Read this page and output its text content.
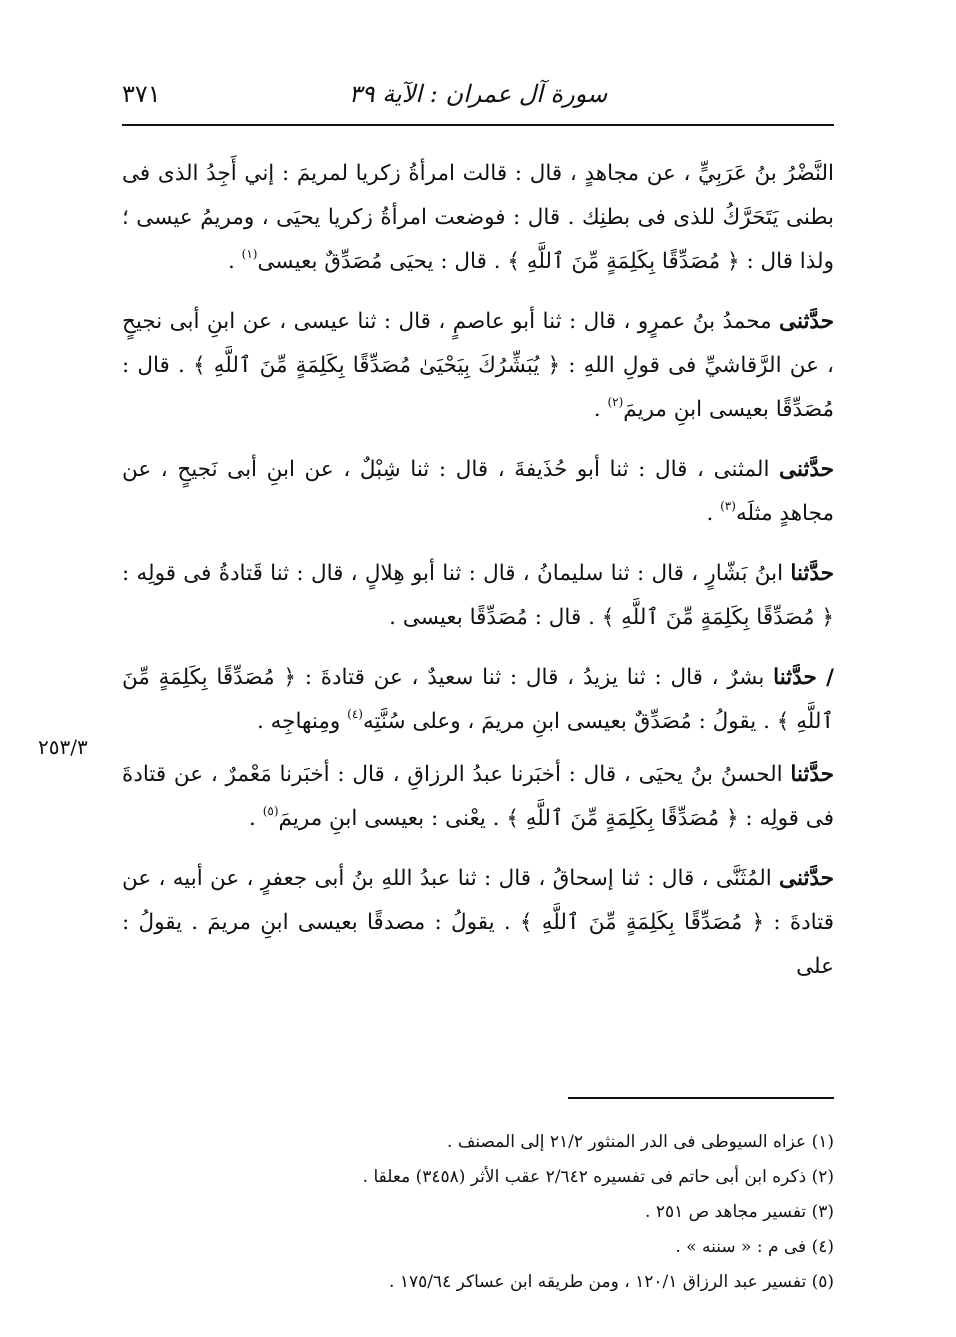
٣٧١	سورة آل عمران : الآية ٣٩

النَّضْرُ بنُ عَرَبِيٍّ ، عن مجاهدٍ ، قال : قالت امرأةُ زكريا لمريمَ : إني أَجِدُ الذى فى بطنى يَتَحَرَّكُ للذى فى بطنِك . قال : فوضعت امرأةُ زكريا يحيَى ، ومريمُ عيسى ؛ ولذا قال : ﴿ مُصَدِّقًا بِكَلِمَةٍ مِّنَ ٱللَّهِ ﴾ . قال : يحيَى مُصَدِّقٌ بعيسى$^{(١)}$ .

حدَّثنى محمدُ بنُ عمرٍو ، قال : ثنا أبو عاصمٍ ، قال : ثنا عيسى ، عن ابنِ أبى نجيحٍ ، عن الرَّقاشيِّ فى قولِ اللهِ : ﴿ يُبَشِّرُكَ بِيَحْيَىٰ مُصَدِّقًا بِكَلِمَةٍ مِّنَ ٱللَّهِ ﴾ . قال : مُصَدِّقًا بعيسى ابنِ مريمَ$^{(٢)}$ .

حدَّثنى المثنى ، قال : ثنا أبو حُذَيفةَ ، قال : ثنا شِبْلٌ ، عن ابنِ أبى نَجيحٍ ، عن مجاهدٍ مثلَه$^{(٣)}$ .

حدَّثنا ابنُ بَشّارٍ ، قال : ثنا سليمانُ ، قال : ثنا أبو هِلالٍ ، قال : ثنا قَتادةُ فى قولِه : ﴿ مُصَدِّقًا بِكَلِمَةٍ مِّنَ ٱللَّهِ ﴾ . قال : مُصَدِّقًا بعيسى .

/ حدَّثنا بشرٌ ، قال : ثنا يزيدُ ، قال : ثنا سعيدٌ ، عن قتادةَ : ﴿ مُصَدِّقًا بِكَلِمَةٍ مِّنَ ٱللَّهِ ﴾ . يقولُ : مُصَدِّقٌ بعيسى ابنِ مريمَ ، وعلى سُنَّتِه$^{(٤)}$ ومِنهاجِه .

حدَّثنا الحسنُ بنُ يحيَى ، قال : أخبَرنا عبدُ الرزاقِ ، قال : أخبَرنا مَعْمرٌ ، عن قتادةَ فى قولِه : ﴿ مُصَدِّقًا بِكَلِمَةٍ مِّنَ ٱللَّهِ ﴾ . يعْنى : بعيسى ابنِ مريمَ$^{(٥)}$ .

حدَّثنى المُثَنَّى ، قال : ثنا إسحاقُ ، قال : ثنا عبدُ اللهِ بنُ أبى جعفرٍ ، عن أبيه ، عن قتادةَ : ﴿ مُصَدِّقًا بِكَلِمَةٍ مِّنَ ٱللَّهِ ﴾ . يقولُ : مصدقًا بعيسى ابنِ مريمَ . يقولُ : على

٢٥٣/٣

(١) عزاه السيوطى فى الدر المنثور ٢١/٢ إلى المصنف .

(٢) ذكره ابن أبى حاتم فى تفسيره ٢/٦٤٢ عقب الأثر (٣٤٥٨) معلقا .

(٣) تفسير مجاهد ص ٢٥١ .

(٤) فى م : « سننه » .

(٥) تفسير عبد الرزاق ١٢٠/١ ، ومن طريقه ابن عساكر ١٧٥/٦٤ .
